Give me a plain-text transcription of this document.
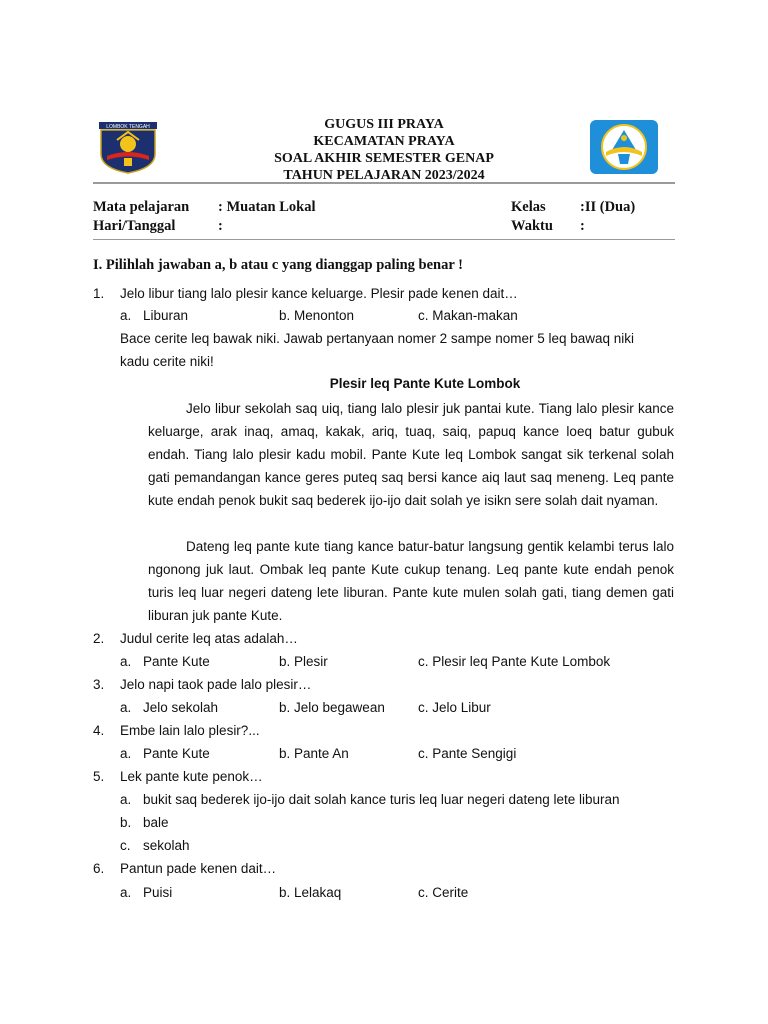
LOMBOK TENGAH	GUGUS III PRAYA
KECAMATAN PRAYA
SOAL AKHIR SEMESTER GENAP
TAHUN PELAJARAN 2023/2024
Mata pelajaran : Muatan Lokal
Hari/Tanggal	:
Kelas :II (Dua)
Waktu :
I. Pilihlah jawaban a, b atau c yang dianggap paling benar !
1. Jelo libur tiang lalo plesir kance keluarge. Plesir pade kenen dait…
a. Liburan	b. Menonton	c. Makan-makan
Bace cerite leq bawak niki. Jawab pertanyaan nomer 2 sampe nomer 5 leq bawaq niki
kadu cerite niki!
Plesir leq Pante Kute Lombok

Jelo libur sekolah saq uiq, tiang lalo plesir juk pantai kute. Tiang lalo plesir kance keluarge, arak inaq, amaq, kakak, ariq, tuaq, saiq, papuq kance loeq batur gubuk endah. Tiang lalo plesir kadu mobil. Pante Kute leq Lombok sangat sik terkenal solah gati pemandangan kance geres puteq saq bersi kance aiq laut saq meneng. Leq pante kute endah penok bukit saq bederek ijo-ijo dait solah ye isikn sere solah dait nyaman.

Dateng leq pante kute tiang kance batur-batur langsung gentik kelambi terus lalo ngonong juk laut. Ombak leq pante Kute cukup tenang. Leq pante kute endah penok turis leq luar negeri dateng lete liburan. Pante kute mulen solah gati, tiang demen gati liburan juk pante Kute.

2. Judul cerite leq atas adalah…
a. Pante Kute	b. Plesir	c. Plesir leq Pante Kute Lombok
3. Jelo napi taok pade lalo plesir…
a. Jelo sekolah	b. Jelo begawean c. Jelo Libur
4. Embe lain lalo plesir?...
a. Pante Kute	b. Pante An	c. Pante Sengigi
5. Lek pante kute penok…
a. bukit saq bederek ijo-ijo dait solah kance turis leq luar negeri dateng lete liburan
b. bale
c. sekolah
6. Pantun pade kenen dait…
a. Puisi	b. Lelakaq	c. Cerite
